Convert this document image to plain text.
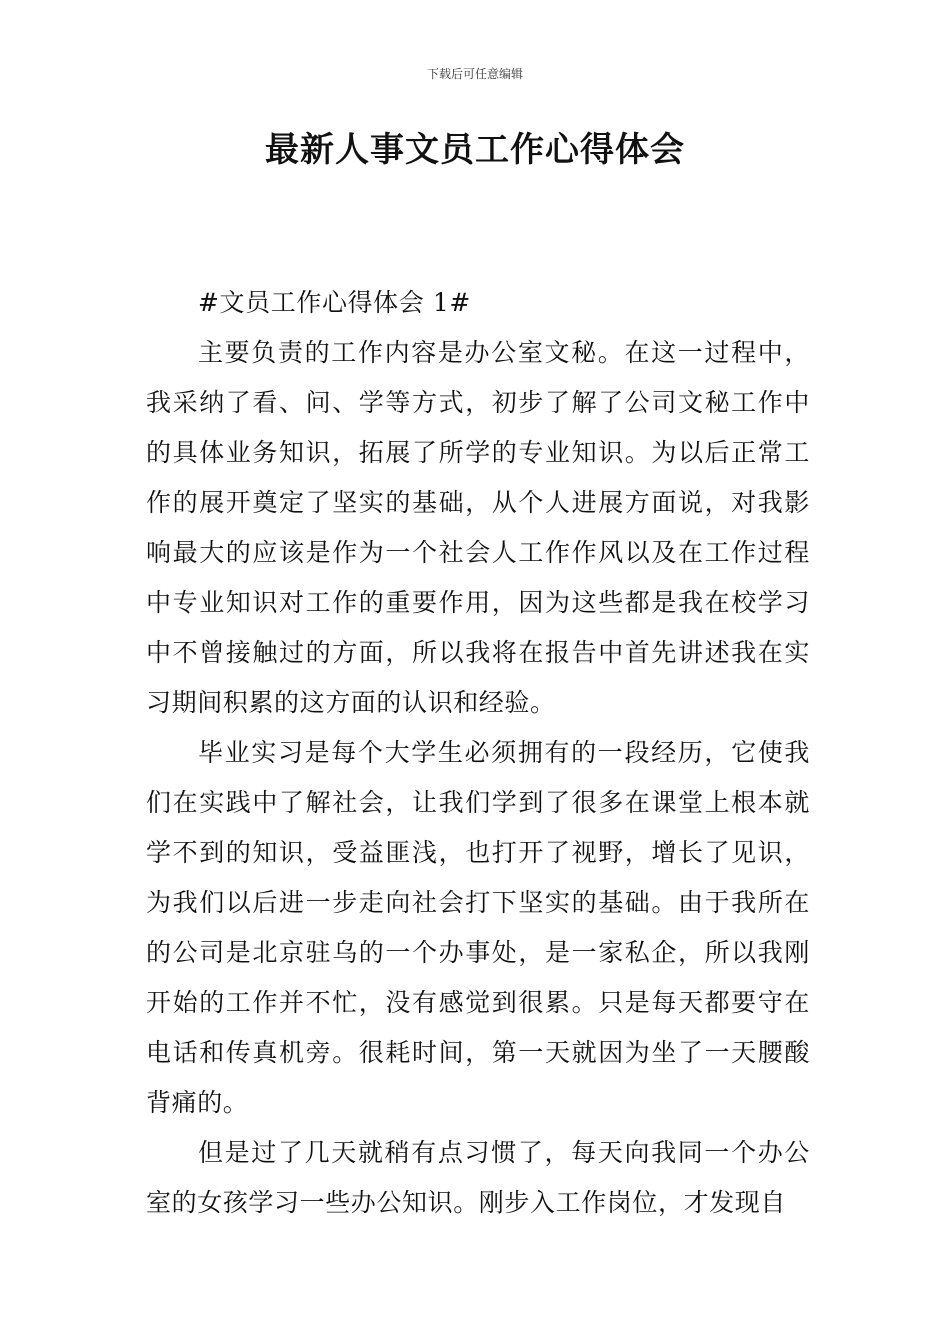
下载后可任意编辑
最新人事文员工作心得体会

#文员工作心得体会 1#

主要负责的工作内容是办公室文秘。在这一过程中，我采纳了看、问、学等方式，初步了解了公司文秘工作中的具体业务知识，拓展了所学的专业知识。为以后正常工作的展开奠定了坚实的基础，从个人进展方面说，对我影响最大的应该是作为一个社会人工作作风以及在工作过程中专业知识对工作的重要作用，因为这些都是我在校学习中不曾接触过的方面，所以我将在报告中首先讲述我在实习期间积累的这方面的认识和经验。

毕业实习是每个大学生必须拥有的一段经历，它使我们在实践中了解社会，让我们学到了很多在课堂上根本就学不到的知识，受益匪浅，也打开了视野，增长了见识，为我们以后进一步走向社会打下坚实的基础。由于我所在的公司是北京驻乌的一个办事处，是一家私企，所以我刚开始的工作并不忙，没有感觉到很累。只是每天都要守在电话和传真机旁。很耗时间，第一天就因为坐了一天腰酸背痛的。

但是过了几天就稍有点习惯了，每天向我同一个办公室的女孩学习一些办公知识。刚步入工作岗位，才发现自
